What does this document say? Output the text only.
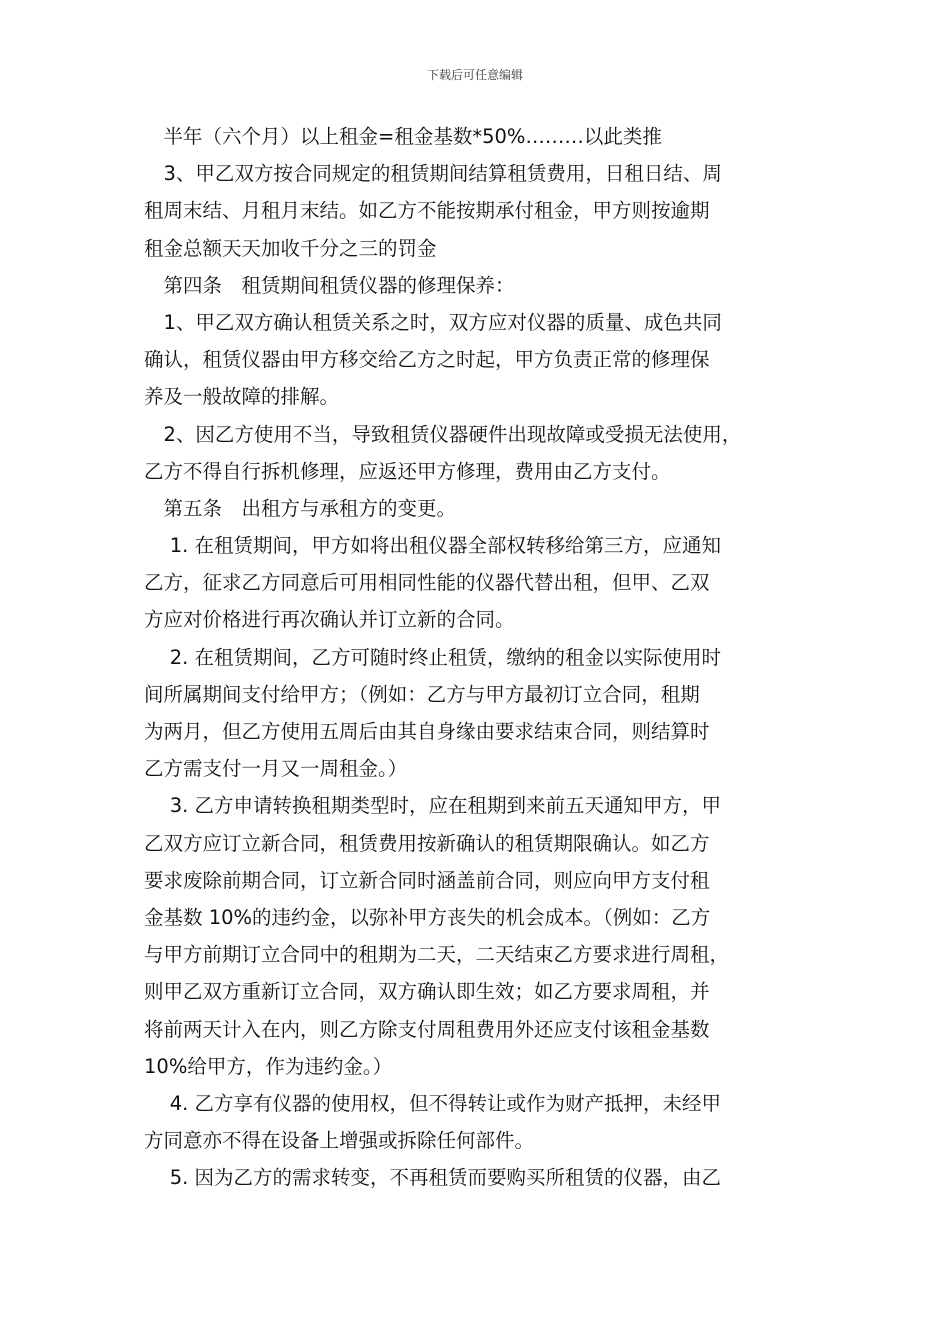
下载后可任意编辑
　半年（六个月）以上租金=租金基数*50%………以此类推
　3、甲乙双方按合同规定的租赁期间结算租赁费用，日租日结、周
租周末结、月租月末结。如乙方不能按期承付租金，甲方则按逾期
租金总额天天加收千分之三的罚金
　第四条　租赁期间租赁仪器的修理保养：
　1、甲乙双方确认租赁关系之时，双方应对仪器的质量、成色共同
确认，租赁仪器由甲方移交给乙方之时起，甲方负责正常的修理保
养及一般故障的排解。
　2、因乙方使用不当，导致租赁仪器硬件出现故障或受损无法使用，
乙方不得自行拆机修理，应返还甲方修理，费用由乙方支付。
　第五条　出租方与承租方的变更。
　 1. 在租赁期间，甲方如将出租仪器全部权转移给第三方，应通知
乙方，征求乙方同意后可用相同性能的仪器代替出租，但甲、乙双
方应对价格进行再次确认并订立新的合同。
　 2. 在租赁期间，乙方可随时终止租赁，缴纳的租金以实际使用时
间所属期间支付给甲方；（例如：乙方与甲方最初订立合同，租期
为两月，但乙方使用五周后由其自身缘由要求结束合同，则结算时
乙方需支付一月又一周租金。）
　 3. 乙方申请转换租期类型时，应在租期到来前五天通知甲方，甲
乙双方应订立新合同，租赁费用按新确认的租赁期限确认。如乙方
要求废除前期合同，订立新合同时涵盖前合同，则应向甲方支付租
金基数 10%的违约金，以弥补甲方丧失的机会成本。（例如：乙方
与甲方前期订立合同中的租期为二天，二天结束乙方要求进行周租，
则甲乙双方重新订立合同，双方确认即生效；如乙方要求周租，并
将前两天计入在内，则乙方除支付周租费用外还应支付该租金基数
10%给甲方，作为违约金。）
　 4. 乙方享有仪器的使用权，但不得转让或作为财产抵押，未经甲
方同意亦不得在设备上增强或拆除任何部件。
　 5. 因为乙方的需求转变，不再租赁而要购买所租赁的仪器，由乙
